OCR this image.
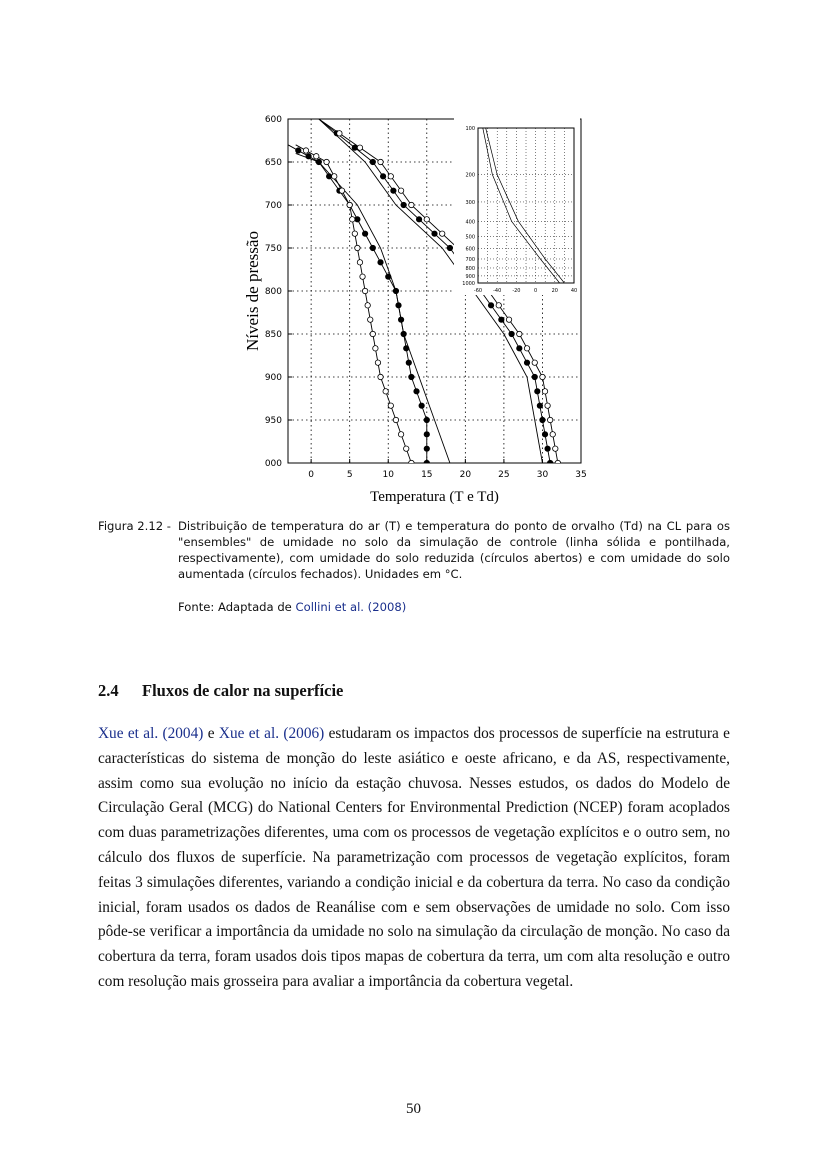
0	5	10	15	20	25	30	35
600
650
700
750
800
850
900
950
000
Temperatura (T e Td)
Níveis de pressão	-60 -40 -20	0	20	40
100
200
300
400
500
600
700
800
900
1000
Figura 2.12 - Distribuição de temperatura do ar (T) e temperatura do ponto de orvalho (Td) na CL para os "ensembles" de umidade no solo da simulação de controle (linha sólida e pontilhada, respectivamente), com umidade do solo reduzida (círculos abertos) e com umidade do solo aumentada (círculos fechados). Unidades em °C.
Fonte: Adaptada de Collini et al. (2008)
2.4 Fluxos de calor na superfície
Xue et al. (2004) e Xue et al. (2006) estudaram os impactos dos processos de superfície na estrutura e características do sistema de monção do leste asiático e oeste africano, e da AS, respectivamente, assim como sua evolução no início da estação chuvosa. Nesses estudos, os dados do Modelo de Circulação Geral (MCG) do National Centers for Environmental Prediction (NCEP) foram acoplados com duas parametrizações diferentes, uma com os processos de vegetação explícitos e o outro sem, no cálculo dos fluxos de superfície. Na parametrização com processos de vegetação explícitos, foram feitas 3 simulações diferentes, variando a condição inicial e da cobertura da terra. No caso da condição inicial, foram usados os dados de Reanálise com e sem observações de umidade no solo. Com isso pôde-se verificar a importância da umidade no solo na simulação da circulação de monção. No caso da cobertura da terra, foram usados dois tipos mapas de cobertura da terra, um com alta resolução e outro com resolução mais grosseira para avaliar a importância da cobertura vegetal.
50
